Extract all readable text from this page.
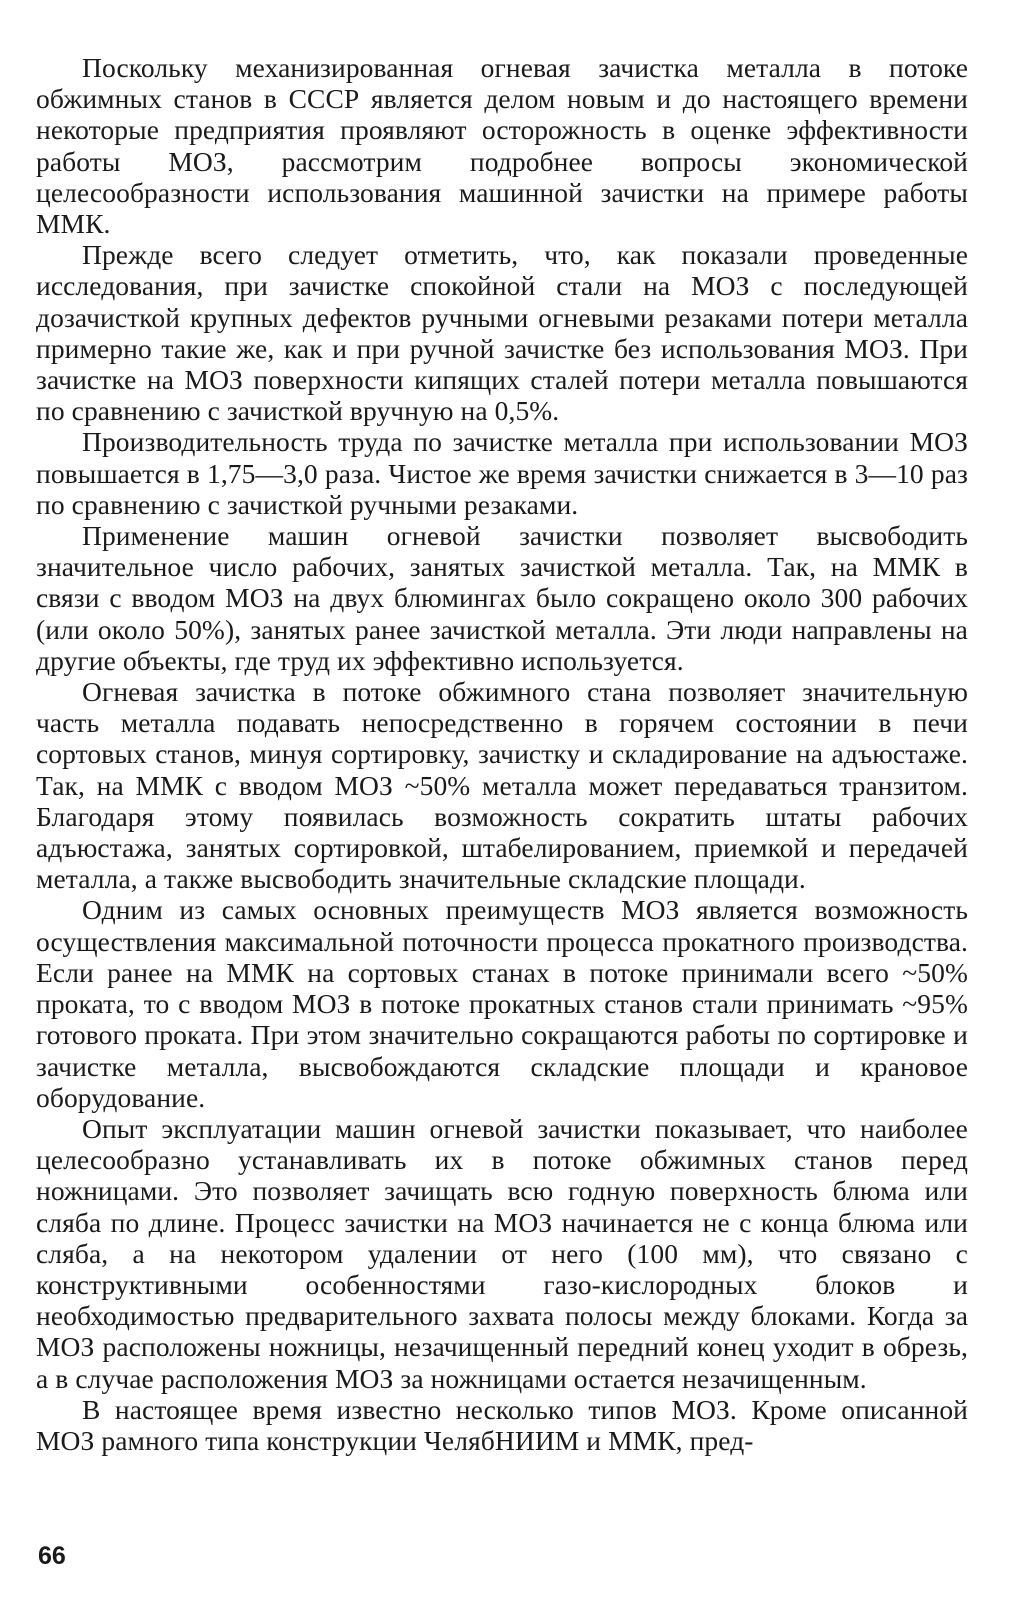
Поскольку механизированная огневая зачистка металла в потоке обжимных станов в СССР является делом новым и до настоящего времени некоторые предприятия проявляют осторожность в оценке эффективности работы МОЗ, рассмотрим подробнее вопросы экономической целесообразности использования машинной зачистки на примере работы ММК.

Прежде всего следует отметить, что, как показали проведенные исследования, при зачистке спокойной стали на МОЗ с последующей дозачисткой крупных дефектов ручными огневыми резаками потери металла примерно такие же, как и при ручной зачистке без использования МОЗ. При зачистке на МОЗ поверхности кипящих сталей потери металла повышаются по сравнению с зачисткой вручную на 0,5%.

Производительность труда по зачистке металла при использовании МОЗ повышается в 1,75—3,0 раза. Чистое же время зачистки снижается в 3—10 раз по сравнению с зачисткой ручными резаками.

Применение машин огневой зачистки позволяет высвободить значительное число рабочих, занятых зачисткой металла. Так, на ММК в связи с вводом МОЗ на двух блюмингах было сокращено около 300 рабочих (или около 50%), занятых ранее зачисткой металла. Эти люди направлены на другие объекты, где труд их эффективно используется.

Огневая зачистка в потоке обжимного стана позволяет значительную часть металла подавать непосредственно в горячем состоянии в печи сортовых станов, минуя сортировку, зачистку и складирование на адъюстаже. Так, на ММК с вводом МОЗ ~50% металла может передаваться транзитом. Благодаря этому появилась возможность сократить штаты рабочих адъюстажа, занятых сортировкой, штабелированием, приемкой и передачей металла, а также высвободить значительные складские площади.

Одним из самых основных преимуществ МОЗ является возможность осуществления максимальной поточности процесса прокатного производства. Если ранее на ММК на сортовых станах в потоке принимали всего ~50% проката, то с вводом МОЗ в потоке прокатных станов стали принимать ~95% готового проката. При этом значительно сокращаются работы по сортировке и зачистке металла, высвобождаются складские площади и крановое оборудование.

Опыт эксплуатации машин огневой зачистки показывает, что наиболее целесообразно устанавливать их в потоке обжимных станов перед ножницами. Это позволяет зачищать всю годную поверхность блюма или сляба по длине. Процесс зачистки на МОЗ начинается не с конца блюма или сляба, а на некотором удалении от него (100 мм), что связано с конструктивными особенностями газо-кислородных блоков и необходимостью предварительного захвата полосы между блоками. Когда за МОЗ расположены ножницы, незачищенный передний конец уходит в обрезь, а в случае расположения МОЗ за ножницами остается незачищенным.

В настоящее время известно несколько типов МОЗ. Кроме описанной МОЗ рамного типа конструкции ЧелябНИИМ и ММК, пред-

66
